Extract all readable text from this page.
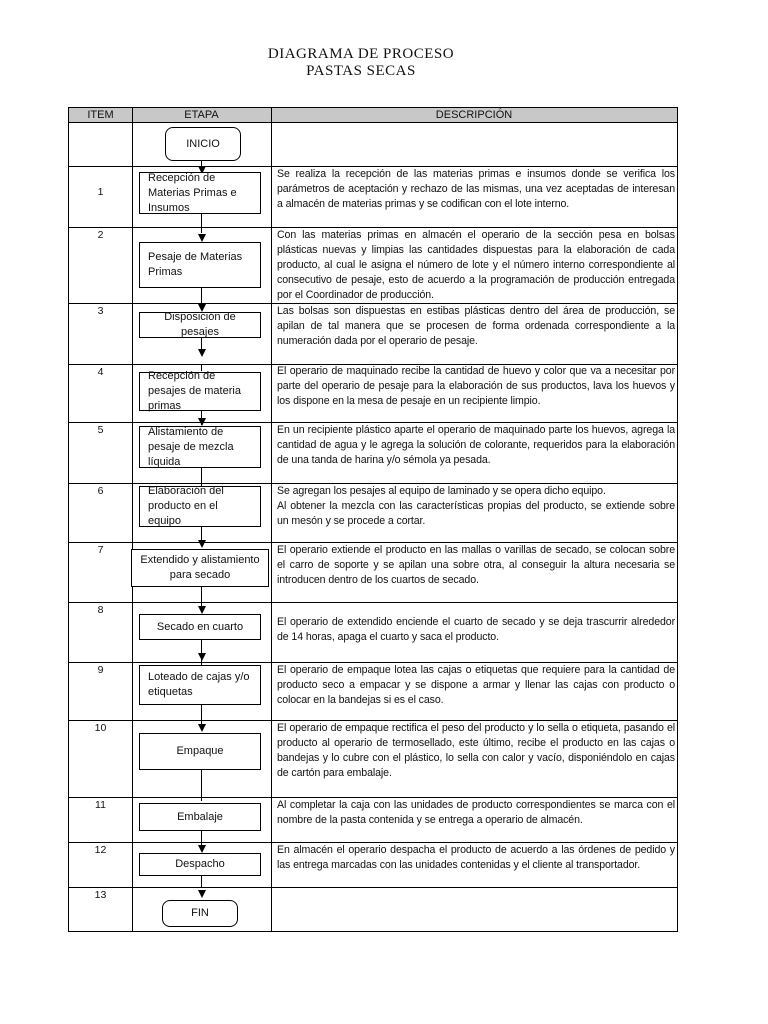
DIAGRAMA DE PROCESO
PASTAS SECAS
ITEM	ETAPA	DESCRIPCIÓN
1
2
3
4
5
6
7
8
9
10
11
12
13
INICIO
Recepción de Materias Primas e Insumos
Pesaje de Materias Primas
Disposición de pesajes
Recepción de pesajes de materia primas
Alistamiento de pesaje de mezcla líquida
Elaboración del producto en el equipo
Extendido y alistamiento para secado
Secado en cuarto
Loteado de cajas y/o etiquetas
Empaque
Embalaje
Despacho
FIN
Se realiza la recepción de las materias primas e insumos donde se verifica los parámetros de aceptación y rechazo de las mismas, una vez aceptadas de interesan a almacén de materias primas y se codifican con el lote interno.
Con las materias primas en almacén el operario de la sección pesa en bolsas plásticas nuevas y limpias las cantidades dispuestas para la elaboración de cada producto, al cual le asigna el número de lote y el número interno correspondiente al consecutivo de pesaje, esto de acuerdo a la programación de producción entregada por el Coordinador de producción.
Las bolsas son dispuestas en estibas plásticas dentro del área de producción, se apilan de tal manera que se procesen de forma ordenada correspondiente a la numeración dada por el operario de pesaje.
El operario de maquinado recibe la cantidad de huevo y color que va a necesitar por parte del operario de pesaje para la elaboración de sus productos, lava los huevos y los dispone en la mesa de pesaje en un recipiente limpio.
En un recipiente plástico aparte el operario de maquinado parte los huevos, agrega la cantidad de agua y le agrega la solución de colorante, requeridos para la elaboración de una tanda de harina y/o sémola ya pesada.
Se agregan los pesajes al equipo de laminado y se opera dicho equipo.
Al obtener la mezcla con las características propias del producto, se extiende sobre un mesón y se procede a cortar.
El operario extiende el producto en las mallas o varillas de secado, se colocan sobre el carro de soporte y se apilan una sobre otra, al conseguir la altura necesaria se introducen dentro de los cuartos de secado.
El operario de extendido enciende el cuarto de secado y se deja trascurrir alrededor de 14 horas, apaga el cuarto y saca el producto.
El operario de empaque lotea las cajas o etiquetas que requiere para la cantidad de producto seco a empacar y se dispone a armar y llenar las cajas con producto o colocar en la bandejas si es el caso.
El operario de empaque rectifica el peso del producto y lo sella o etiqueta, pasando el producto al operario de termosellado, este último, recibe el producto en las cajas o bandejas y lo cubre con el plástico, lo sella con calor y vacío, disponiéndolo en cajas de cartón para embalaje.
Al completar la caja con las unidades de producto correspondientes se marca con el nombre de la pasta contenida y se entrega a operario de almacén.
En almacén el operario despacha el producto de acuerdo a las órdenes de pedido y las entrega marcadas con las unidades contenidas y el cliente al transportador.
